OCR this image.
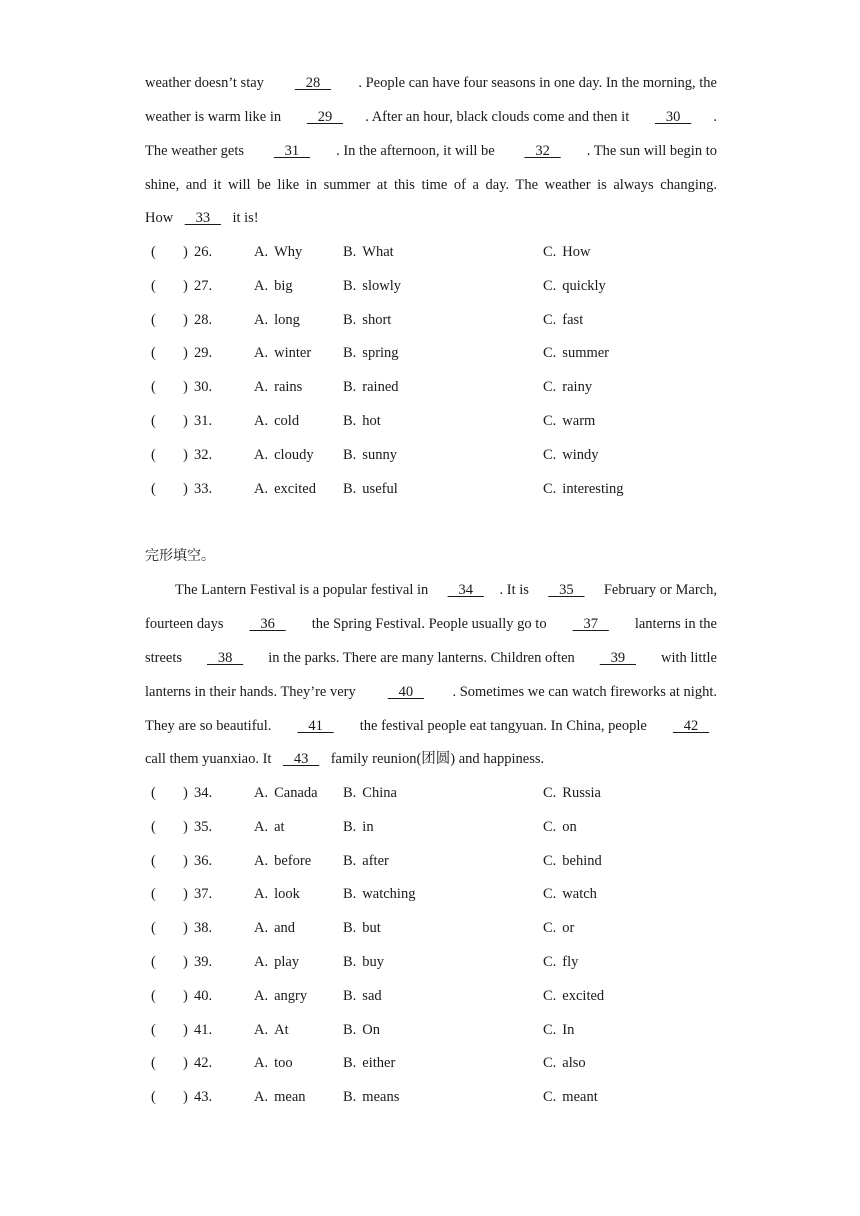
weather doesn’t stay	28	. People can have four seasons in one day. In the morning, the
weather is warm like in	29	. After an hour, black clouds come and then it	30	.
The weather gets	31	. In the afternoon, it will be	32	. The sun will begin to
shine, and it will be like in summer at this time of a day. The weather is always changing.
How 33 it is!
( ) 26.	A. Why	B. What	C. How
( ) 27.	A. big	B. slowly	C. quickly
( ) 28.	A. long	B. short	C. fast
( ) 29.	A. winter B. spring	C. summer
( ) 30.	A. rains	B. rained	C. rainy
( ) 31.	A. cold	B. hot	C. warm
( ) 32.	A. cloudy B. sunny	C. windy
( ) 33.	A. excited B. useful	C. interesting
完形填空。
The Lantern Festival is a popular festival in	34	. It is	35	February or March,
fourteen days	36	the Spring Festival. People usually go to	37	lanterns in the
streets	38	in the parks. There are many lanterns. Children often	39	with little
lanterns in their hands. They’re very	40	. Sometimes we can watch fireworks at night.
They are so beautiful.	41	the festival people eat tangyuan. In China, people	42
call them yuanxiao. It 43 family reunion(团圆) and happiness.
( ) 34.	A. Canada B. China	C. Russia
( ) 35.	A. at	B. in	C. on
( ) 36.	A. before B. after	C. behind
( ) 37.	A. look	B. watching	C. watch
( ) 38.	A. and	B. but	C. or
( ) 39.	A. play	B. buy	C. fly
( ) 40.	A. angry B. sad	C. excited
( ) 41.	A. At	B. On	C. In
( ) 42.	A. too	B. either	C. also
( ) 43.	A. mean	B. means	C. meant
